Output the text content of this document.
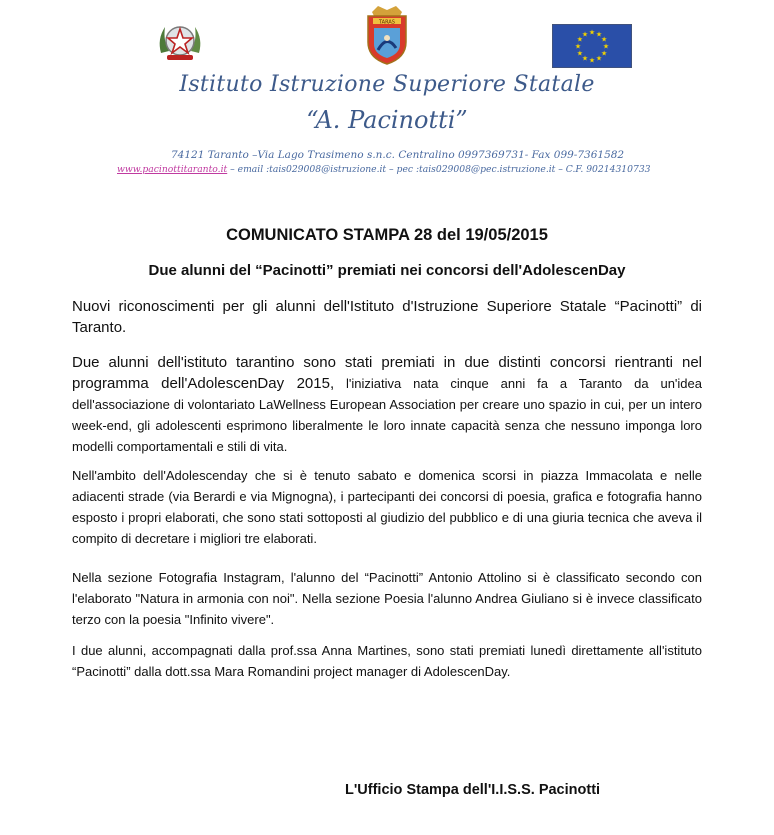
TARAS
★ ★
★
★
★
★
★
★
★
★
★
★
Istituto Istruzione Superiore Statale
“A. Pacinotti”
74121 Taranto –Via Lago Trasimeno s.n.c. Centralino 0997369731- Fax 099-7361582
www.pacinottitaranto.it – email :tais029008@istruzione.it – pec :tais029008@pec.istruzione.it – C.F. 90214310733
COMUNICATO STAMPA 28 del 19/05/2015
Due alunni del “Pacinotti” premiati nei concorsi dell'AdolescenDay
Nuovi riconoscimenti per gli alunni dell'Istituto d'Istruzione Superiore Statale “Pacinotti” di Taranto.
Due alunni dell'istituto tarantino sono stati premiati in due distinti concorsi rientranti nel programma dell'AdolescenDay 2015, l'iniziativa nata cinque anni fa a Taranto da un'idea dell'associazione di volontariato LaWellness European Association per creare uno spazio in cui, per un intero week-end, gli adolescenti esprimono liberalmente le loro innate capacità senza che nessuno imponga loro modelli comportamentali e stili di vita.
Nell'ambito dell'Adolescenday che si è tenuto sabato e domenica scorsi in piazza Immacolata e nelle adiacenti strade (via Berardi e via Mignogna), i partecipanti dei concorsi di poesia, grafica e fotografia hanno esposto i propri elaborati, che sono stati sottoposti al giudizio del pubblico e di una giuria tecnica che aveva il compito di decretare i migliori tre elaborati.
Nella sezione Fotografia Instagram, l'alunno del “Pacinotti” Antonio Attolino si è classificato secondo con l'elaborato "Natura in armonia con noi". Nella sezione Poesia l'alunno Andrea Giuliano si è invece classificato terzo con la poesia "Infinito vivere".
I due alunni, accompagnati dalla prof.ssa Anna Martines, sono stati premiati lunedì direttamente all'istituto “Pacinotti” dalla dott.ssa Mara Romandini project manager di AdolescenDay.
L'Ufficio Stampa dell'I.I.S.S. Pacinotti
